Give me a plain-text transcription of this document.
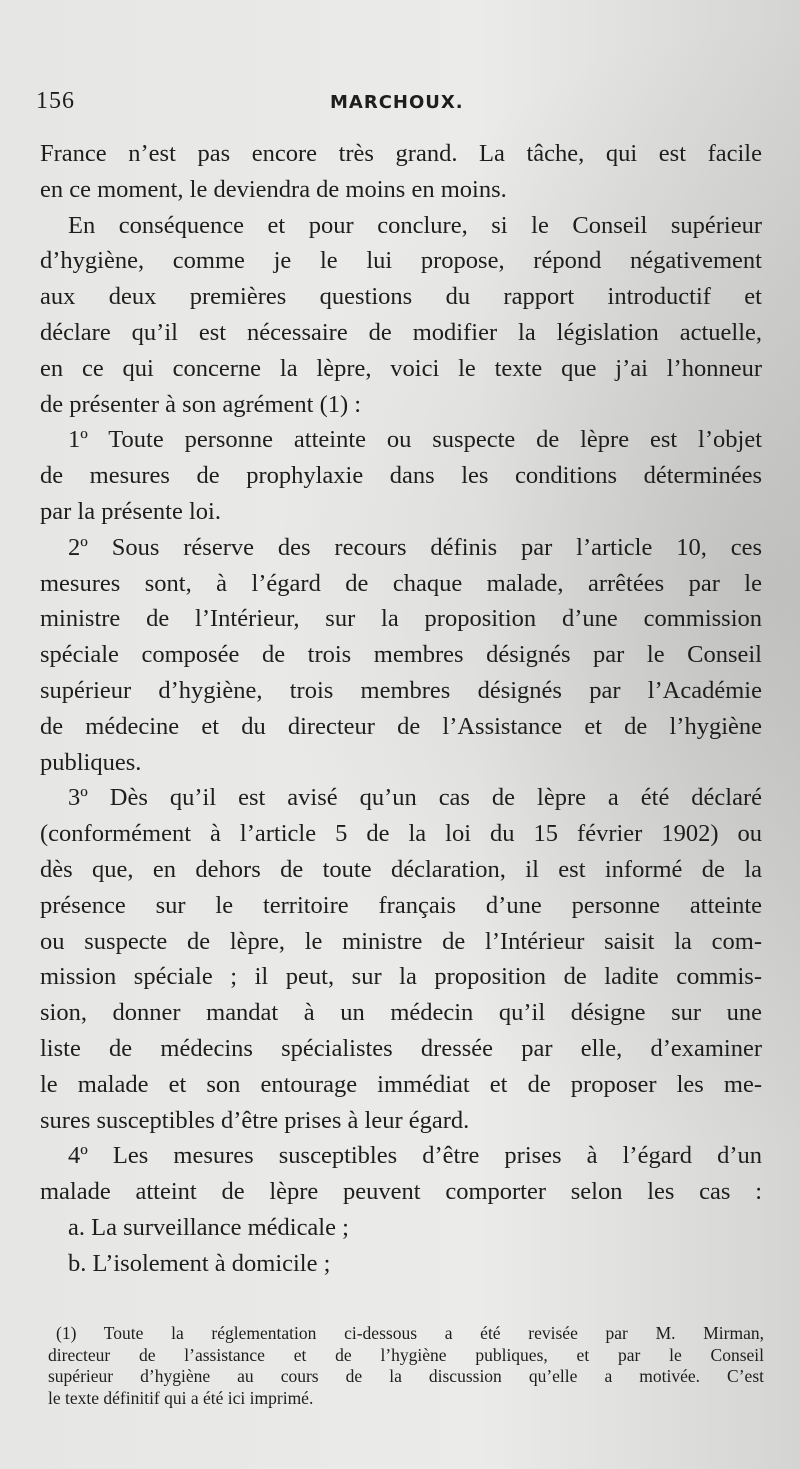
156	MARCHOUX.
France n’est pas encore très grand. La tâche, qui est facile
en ce moment, le deviendra de moins en moins.
En conséquence et pour conclure, si le Conseil supérieur
d’hygiène, comme je le lui propose, répond négativement
aux deux premières questions du rapport introductif et
déclare qu’il est nécessaire de modifier la législation actuelle,
en ce qui concerne la lèpre, voici le texte que j’ai l’honneur
de présenter à son agrément (1) :
1º Toute personne atteinte ou suspecte de lèpre est l’objet
de mesures de prophylaxie dans les conditions déterminées
par la présente loi.
2º Sous réserve des recours définis par l’article 10, ces
mesures sont, à l’égard de chaque malade, arrêtées par le
ministre de l’Intérieur, sur la proposition d’une commission
spéciale composée de trois membres désignés par le Conseil
supérieur d’hygiène, trois membres désignés par l’Académie
de médecine et du directeur de l’Assistance et de l’hygiène
publiques.
3º Dès qu’il est avisé qu’un cas de lèpre a été déclaré
(conformément à l’article 5 de la loi du 15 février 1902) ou
dès que, en dehors de toute déclaration, il est informé de la
présence sur le territoire français d’une personne atteinte
ou suspecte de lèpre, le ministre de l’Intérieur saisit la com-
mission spéciale ; il peut, sur la proposition de ladite commis-
sion, donner mandat à un médecin qu’il désigne sur une
liste de médecins spécialistes dressée par elle, d’examiner
le malade et son entourage immédiat et de proposer les me-
sures susceptibles d’être prises à leur égard.
4º Les mesures susceptibles d’être prises à l’égard d’un
malade atteint de lèpre peuvent comporter selon les cas :
a. La surveillance médicale ;
b. L’isolement à domicile ;
(1) Toute la réglementation ci-dessous a été revisée par M. Mirman,
directeur de l’assistance et de l’hygiène publiques, et par le Conseil
supérieur d’hygiène au cours de la discussion qu’elle a motivée. C’est
le texte définitif qui a été ici imprimé.
